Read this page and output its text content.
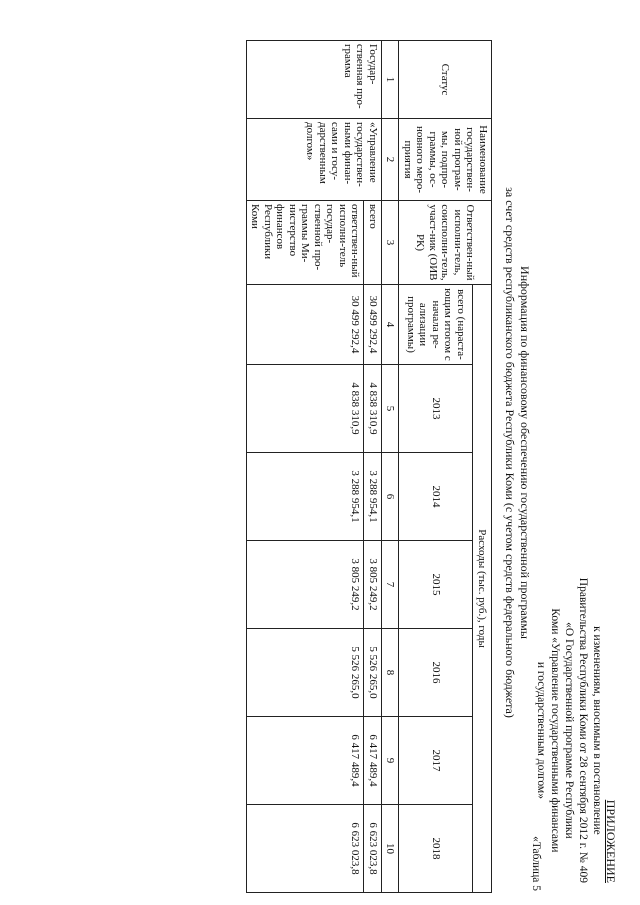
ПРИЛОЖЕНИЕ
к изменениям, вносимым в постановление
Правительства Республики Коми от 28 сентября 2012 г. № 409
«О Государственной программе Республики
Коми «Управление государственными финансами
и государственным долгом»
«Таблица 5
Информация по финансовому обеспечению государственной программы
за счет средств республиканского бюджета Республики Коми (с учетом средств федерального бюджета)
Статус	Наименование государствен-ной програм-мы, подпро-граммы, ос-новного меро-приятия	Ответствен-ный исполни-тель, соисполни-тель, участ-ник (ОИВ РК)	Расходы (тыс. руб.), годы						
			всего (нараста-ющим итогом с начала ре-ализации программы)	2013	2014	2015	2016	2017	2018
1	2	3	4	5	6	7	8	9	10
Государ-ственная про-грамма	«Управление государствен-ными финан-сами и госу-дарственным долгом»	всего	30 499 292,4	4 838 310,9	3 288 954,1	3 805 249,2	5 526 265,0	6 417 489,4	6 623 023,8
		ответствен-ный исполни-тель государ-ственной про-граммы Ми-нистерство финансов Республики Коми	30 499 292,4	4 838 310,9	3 288 954,1	3 805 249,2	5 526 265,0	6 417 489,4	6 623 023,8
